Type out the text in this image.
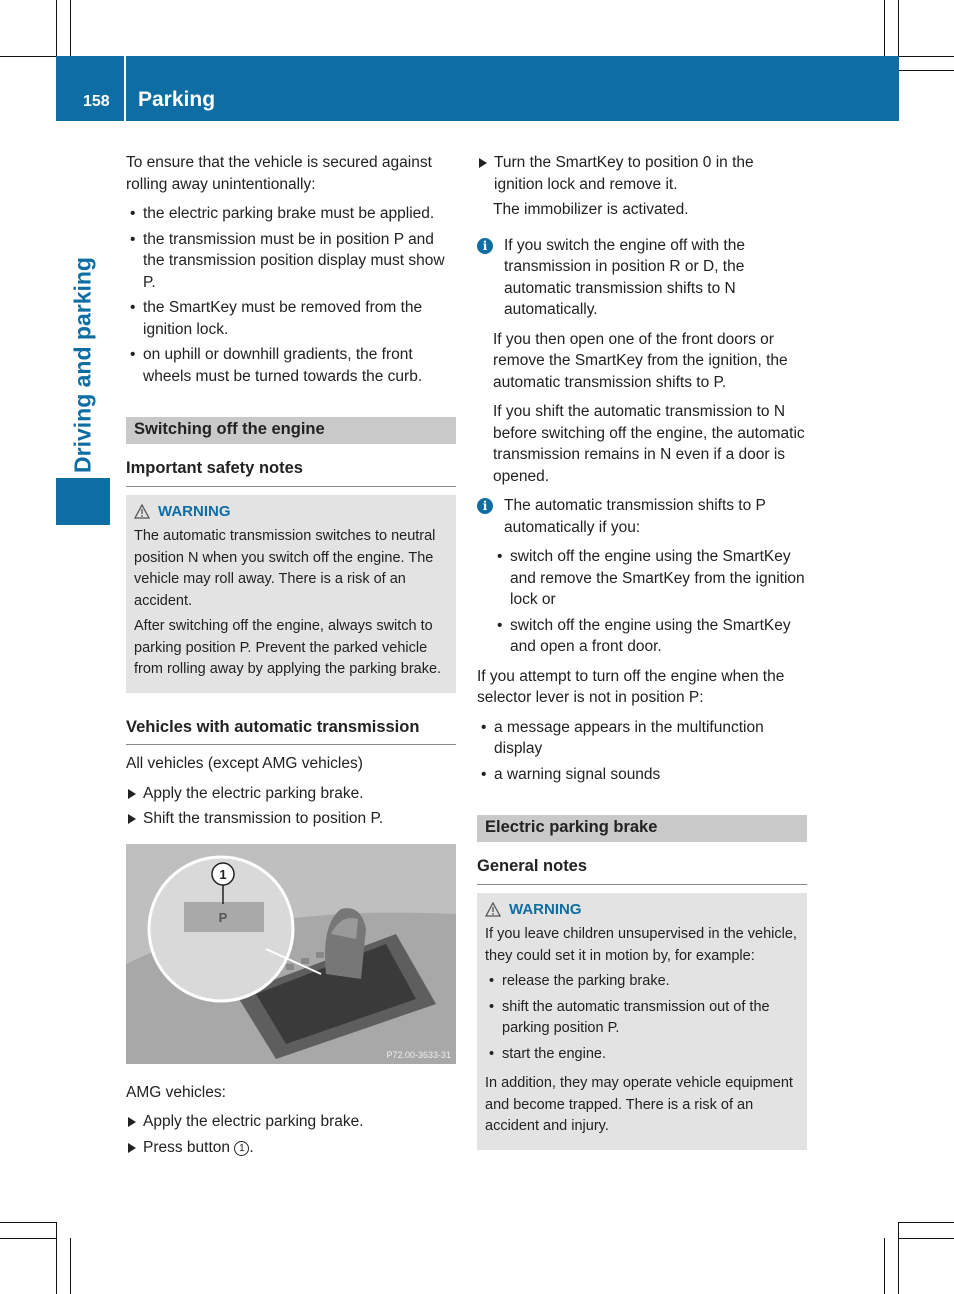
158 Parking
Driving and parking

To ensure that the vehicle is secured against rolling away unintentionally:

• the electric parking brake must be applied.
• the transmission must be in position P and the transmission position display must show P.
• the SmartKey must be removed from the ignition lock.
• on uphill or downhill gradients, the front wheels must be turned towards the curb.
Switching off the engine
Important safety notes
WARNING

The automatic transmission switches to neutral position N when you switch off the engine. The vehicle may roll away. There is a risk of an accident.

After switching off the engine, always switch to parking position P. Prevent the parked vehicle from rolling away by applying the parking brake.

Vehicles with automatic transmission

All vehicles (except AMG vehicles)

Apply the electric parking brake.
Shift the transmission to position P.
1
P
P72.00-3633-31

AMG vehicles:

Apply the electric parking brake.
Press button 1 .
Turn the SmartKey to position 0 in the ignition lock and remove it.

The immobilizer is activated.

i	If you switch the engine off with the transmission in position R or D, the automatic transmission shifts to N automatically.

If you then open one of the front doors or remove the SmartKey from the ignition, the automatic transmission shifts to P.

If you shift the automatic transmission to N before switching off the engine, the automatic transmission remains in N even if a door is opened.

i	The automatic transmission shifts to P automatically if you:

• switch off the engine using the SmartKey and remove the SmartKey from the ignition lock or
• switch off the engine using the SmartKey and open a front door.

If you attempt to turn off the engine when the selector lever is not in position P:

• a message appears in the multifunction display
• a warning signal sounds
Electric parking brake
General notes
WARNING

If you leave children unsupervised in the vehicle, they could set it in motion by, for example:

• release the parking brake.
• shift the automatic transmission out of the parking position P.
• start the engine.

In addition, they may operate vehicle equipment and become trapped. There is a risk of an accident and injury.
